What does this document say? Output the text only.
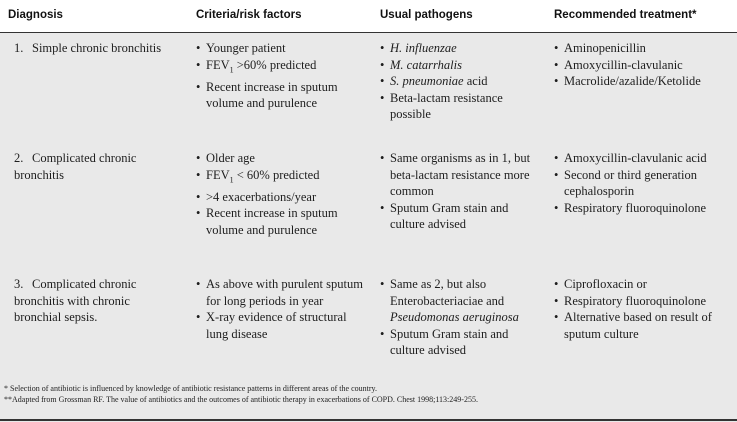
Diagnosis	Criteria/risk factors	Usual pathogens	Recommended treatment*
1. Simple chronic bronchitis
•	Younger patient
• $FEV_1 >60\%$ predicted
• Recent increase in sputum
volume and purulence
• H. influenzae
• M. catarrhalis
• S. pneumoniae acid
• Beta-lactam resistance
possible
• Aminopenicillin
• Amoxycillin-clavulanic
• Macrolide/azalide/Ketolide
2. Complicated chronic
bronchitis
• Older age
• $FEV_1 < 60\%$ predicted
• >4 exacerbations/year
• Recent increase in sputum
volume and purulence
• Same organisms as in 1, but
beta-lactam resistance more
common
• Sputum Gram stain and
culture advised
• Amoxycillin-clavulanic acid
• Second or third generation
cephalosporin
• Respiratory fluoroquinolone
3. Complicated chronic
bronchitis with chronic
bronchial sepsis.
• As above with purulent sputum
for long periods in year
• X-ray evidence of structural
lung disease
• Same as 2, but also
Enterobacteriaciae and
Pseudomonas aeruginosa
• Sputum Gram stain and
culture advised
• Ciprofloxacin or
• Respiratory fluoroquinolone
• Alternative based on result of
sputum culture
* Selection of antibiotic is influenced by knowledge of antibiotic resistance patterns in different areas of the country.
**Adapted from Grossman RF. The value of antibiotics and the outcomes of antibiotic therapy in exacerbations of COPD. Chest 1998;113:249-255.
